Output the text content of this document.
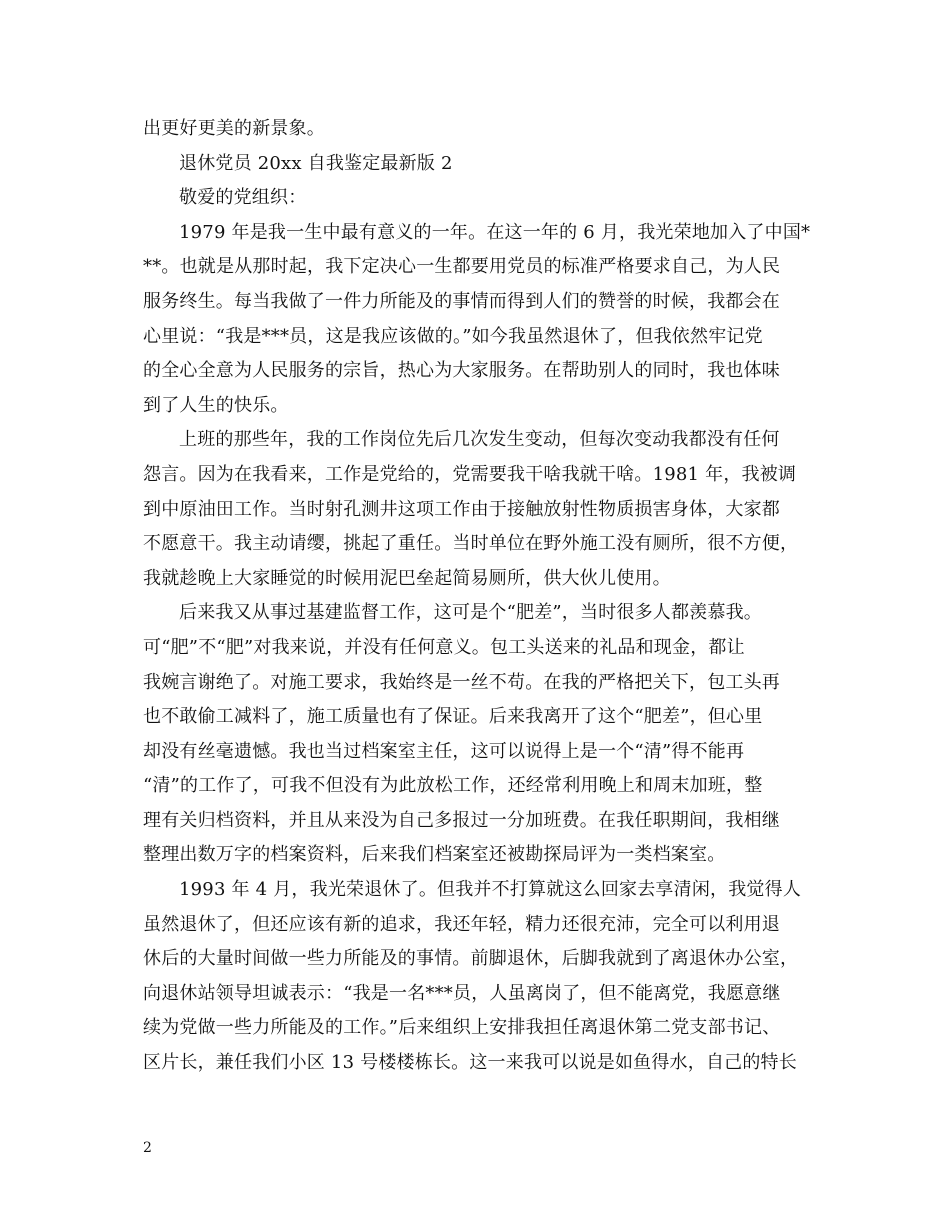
出更好更美的新景象。
退休党员 20xx 自我鉴定最新版 2
敬爱的党组织：
1979 年是我一生中最有意义的一年。在这一年的 6 月，我光荣地加入了中国*
**。也就是从那时起，我下定决心一生都要用党员的标准严格要求自己，为人民
服务终生。每当我做了一件力所能及的事情而得到人们的赞誉的时候，我都会在
心里说：“我是***员，这是我应该做的。”如今我虽然退休了，但我依然牢记党
的全心全意为人民服务的宗旨，热心为大家服务。在帮助别人的同时，我也体味
到了人生的快乐。
上班的那些年，我的工作岗位先后几次发生变动，但每次变动我都没有任何
怨言。因为在我看来，工作是党给的，党需要我干啥我就干啥。1981 年，我被调
到中原油田工作。当时射孔测井这项工作由于接触放射性物质损害身体，大家都
不愿意干。我主动请缨，挑起了重任。当时单位在野外施工没有厕所，很不方便，
我就趁晚上大家睡觉的时候用泥巴垒起简易厕所，供大伙儿使用。
后来我又从事过基建监督工作，这可是个“肥差”，当时很多人都羡慕我。
可“肥”不“肥”对我来说，并没有任何意义。包工头送来的礼品和现金，都让
我婉言谢绝了。对施工要求，我始终是一丝不苟。在我的严格把关下，包工头再
也不敢偷工减料了，施工质量也有了保证。后来我离开了这个“肥差”，但心里
却没有丝毫遗憾。我也当过档案室主任，这可以说得上是一个“清”得不能再
“清”的工作了，可我不但没有为此放松工作，还经常利用晚上和周末加班，整
理有关归档资料，并且从来没为自己多报过一分加班费。在我任职期间，我相继
整理出数万字的档案资料，后来我们档案室还被勘探局评为一类档案室。
1993 年 4 月，我光荣退休了。但我并不打算就这么回家去享清闲，我觉得人
虽然退休了，但还应该有新的追求，我还年轻，精力还很充沛，完全可以利用退
休后的大量时间做一些力所能及的事情。前脚退休，后脚我就到了离退休办公室，
向退休站领导坦诚表示：“我是一名***员，人虽离岗了，但不能离党，我愿意继
续为党做一些力所能及的工作。”后来组织上安排我担任离退休第二党支部书记、
区片长，兼任我们小区 13 号楼楼栋长。这一来我可以说是如鱼得水，自己的特长
2
